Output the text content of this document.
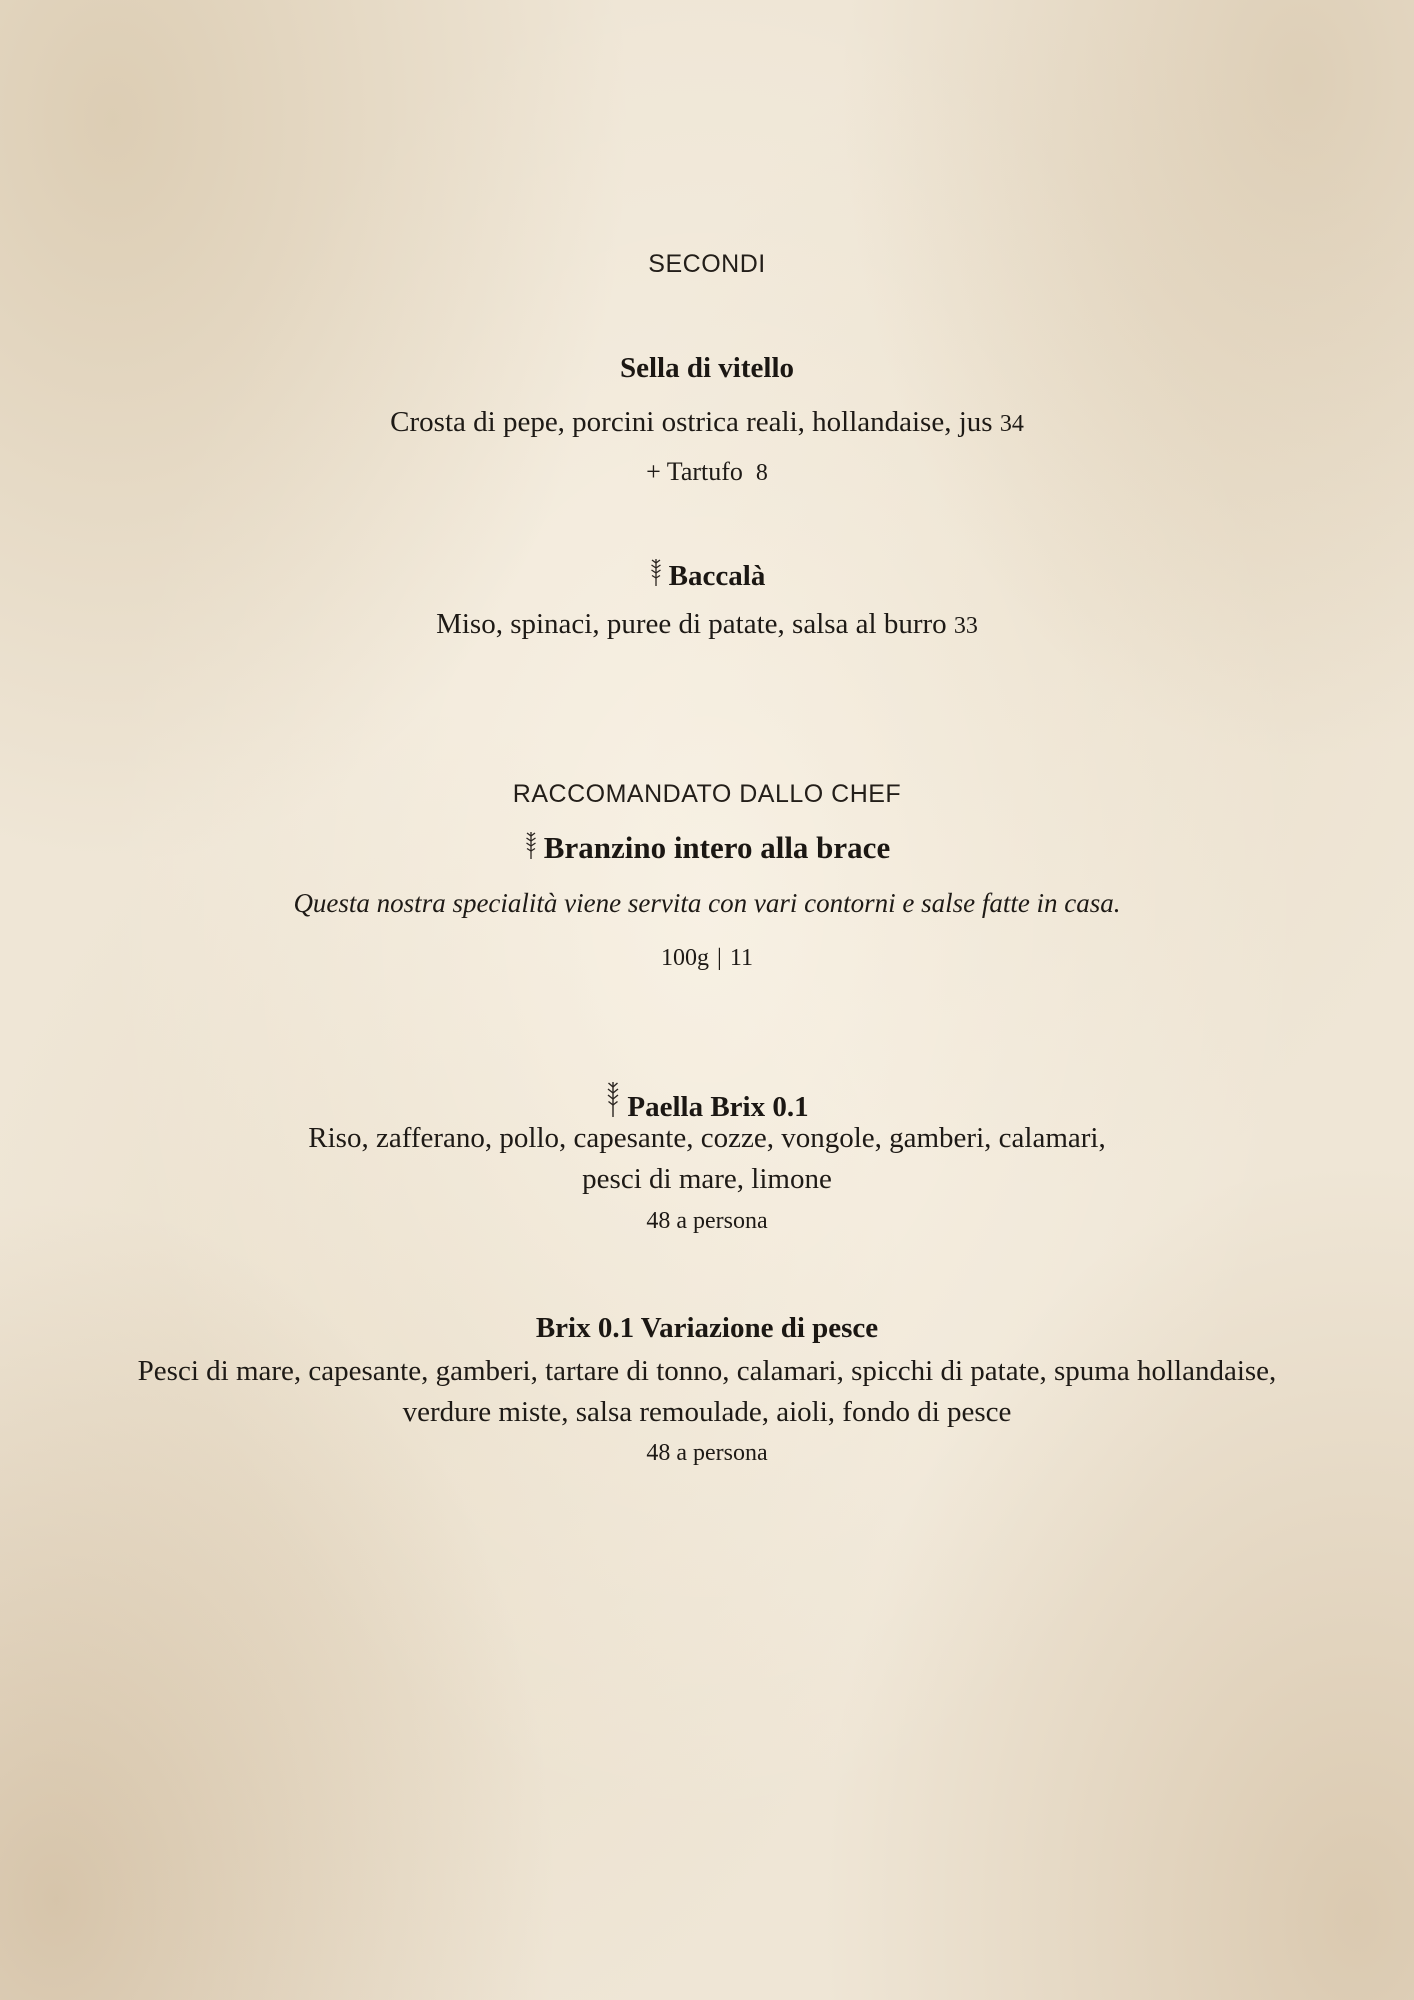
SECONDI
Sella di vitello
Crosta di pepe, porcini ostrica reali, hollandaise, jus 34
+ Tartufo 8
Baccalà
Miso, spinaci, puree di patate, salsa al burro 33
RACCOMANDATO DALLO CHEF
Branzino intero alla brace
Questa nostra specialità viene servita con vari contorni e salse fatte in casa.
100g | 11
Paella Brix 0.1
Riso, zafferano, pollo, capesante, cozze, vongole, gamberi, calamari,
pesci di mare, limone
48 a persona
Brix 0.1 Variazione di pesce
Pesci di mare, capesante, gamberi, tartare di tonno, calamari, spicchi di patate, spuma hollandaise,
verdure miste, salsa remoulade, aioli, fondo di pesce
48 a persona
